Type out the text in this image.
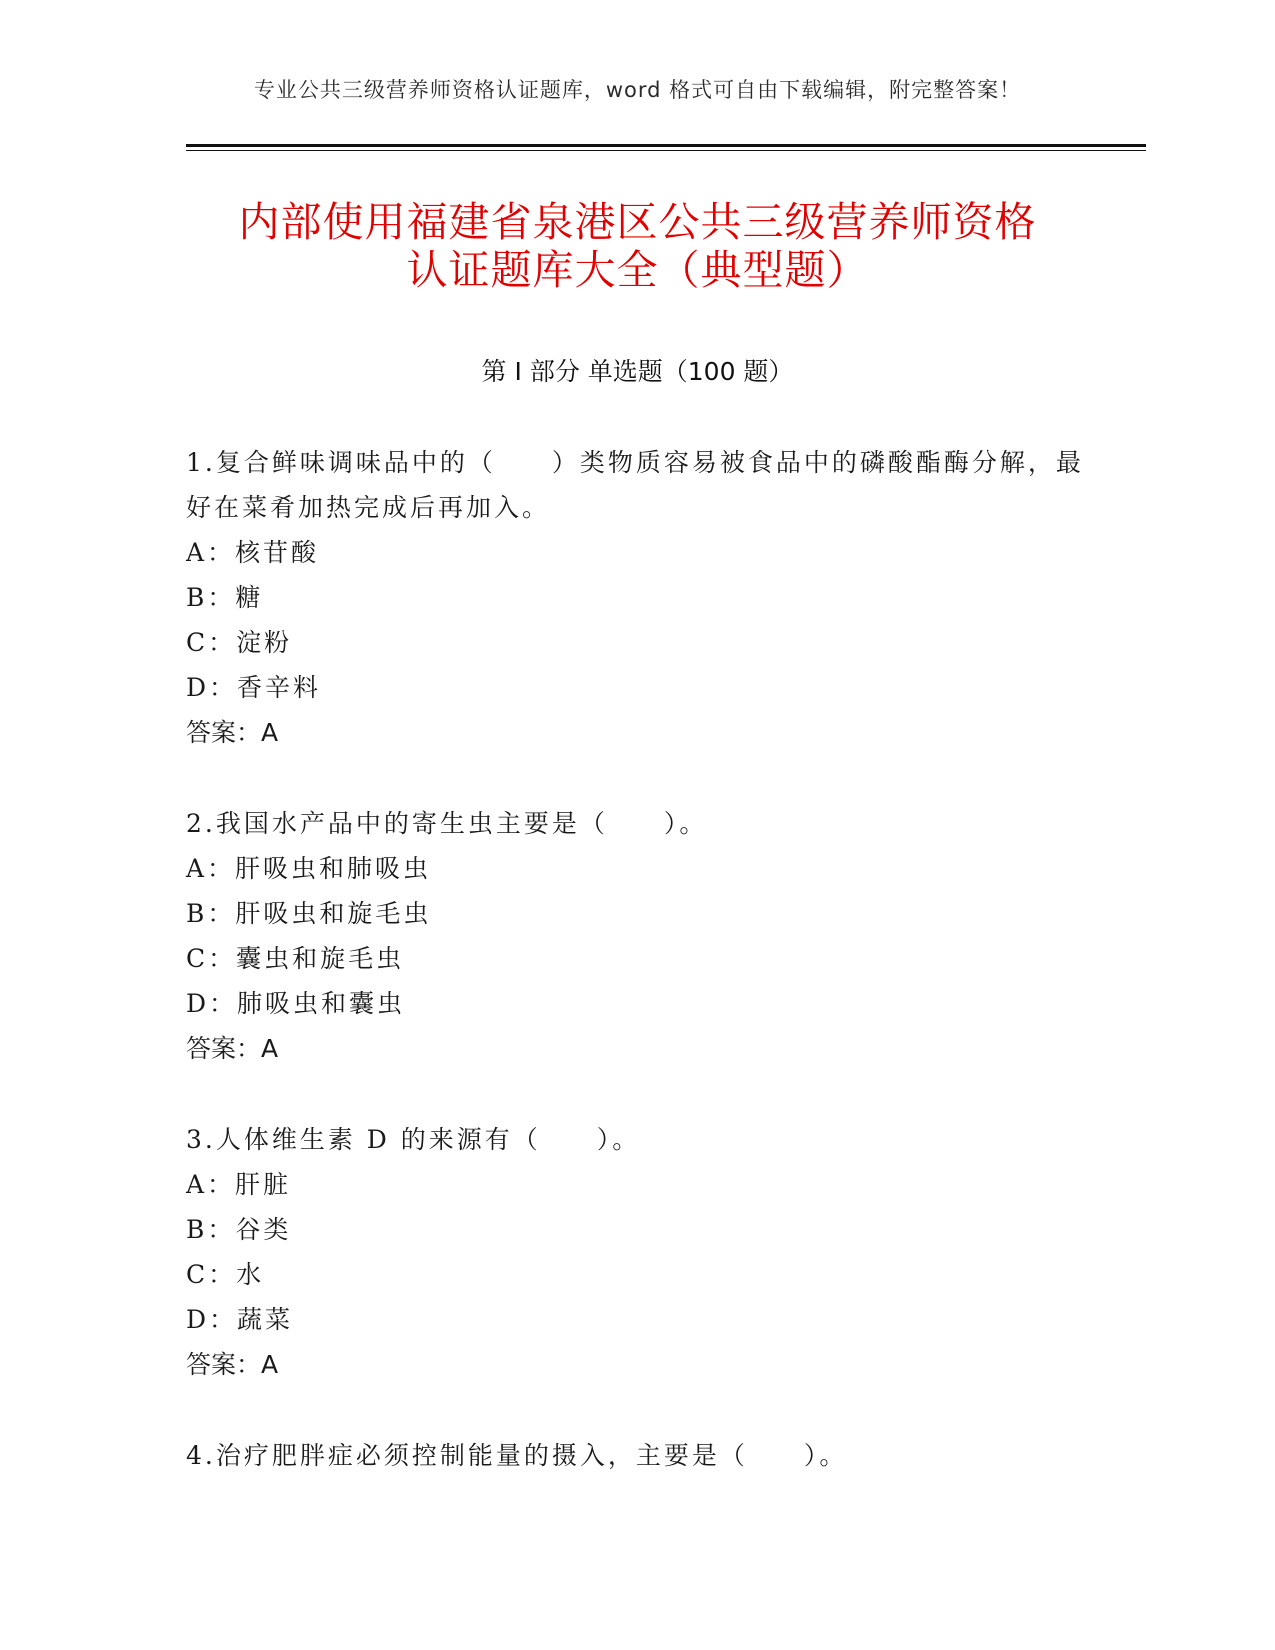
专业公共三级营养师资格认证题库，word 格式可自由下载编辑，附完整答案！
内部使用福建省泉港区公共三级营养师资格
认证题库大全（典型题）
第 I 部分 单选题（100 题）

1.复合鲜味调味品中的（　　）类物质容易被食品中的磷酸酯酶分解，最好在菜肴加热完成后再加入。

A：核苷酸

B：糖

C：淀粉

D：香辛料

答案：A

2.我国水产品中的寄生虫主要是（　　）。

A：肝吸虫和肺吸虫

B：肝吸虫和旋毛虫

C：囊虫和旋毛虫

D：肺吸虫和囊虫

答案：A

3.人体维生素 D 的来源有（　　）。

A：肝脏

B：谷类

C：水

D：蔬菜

答案：A

4.治疗肥胖症必须控制能量的摄入，主要是（　　）。
